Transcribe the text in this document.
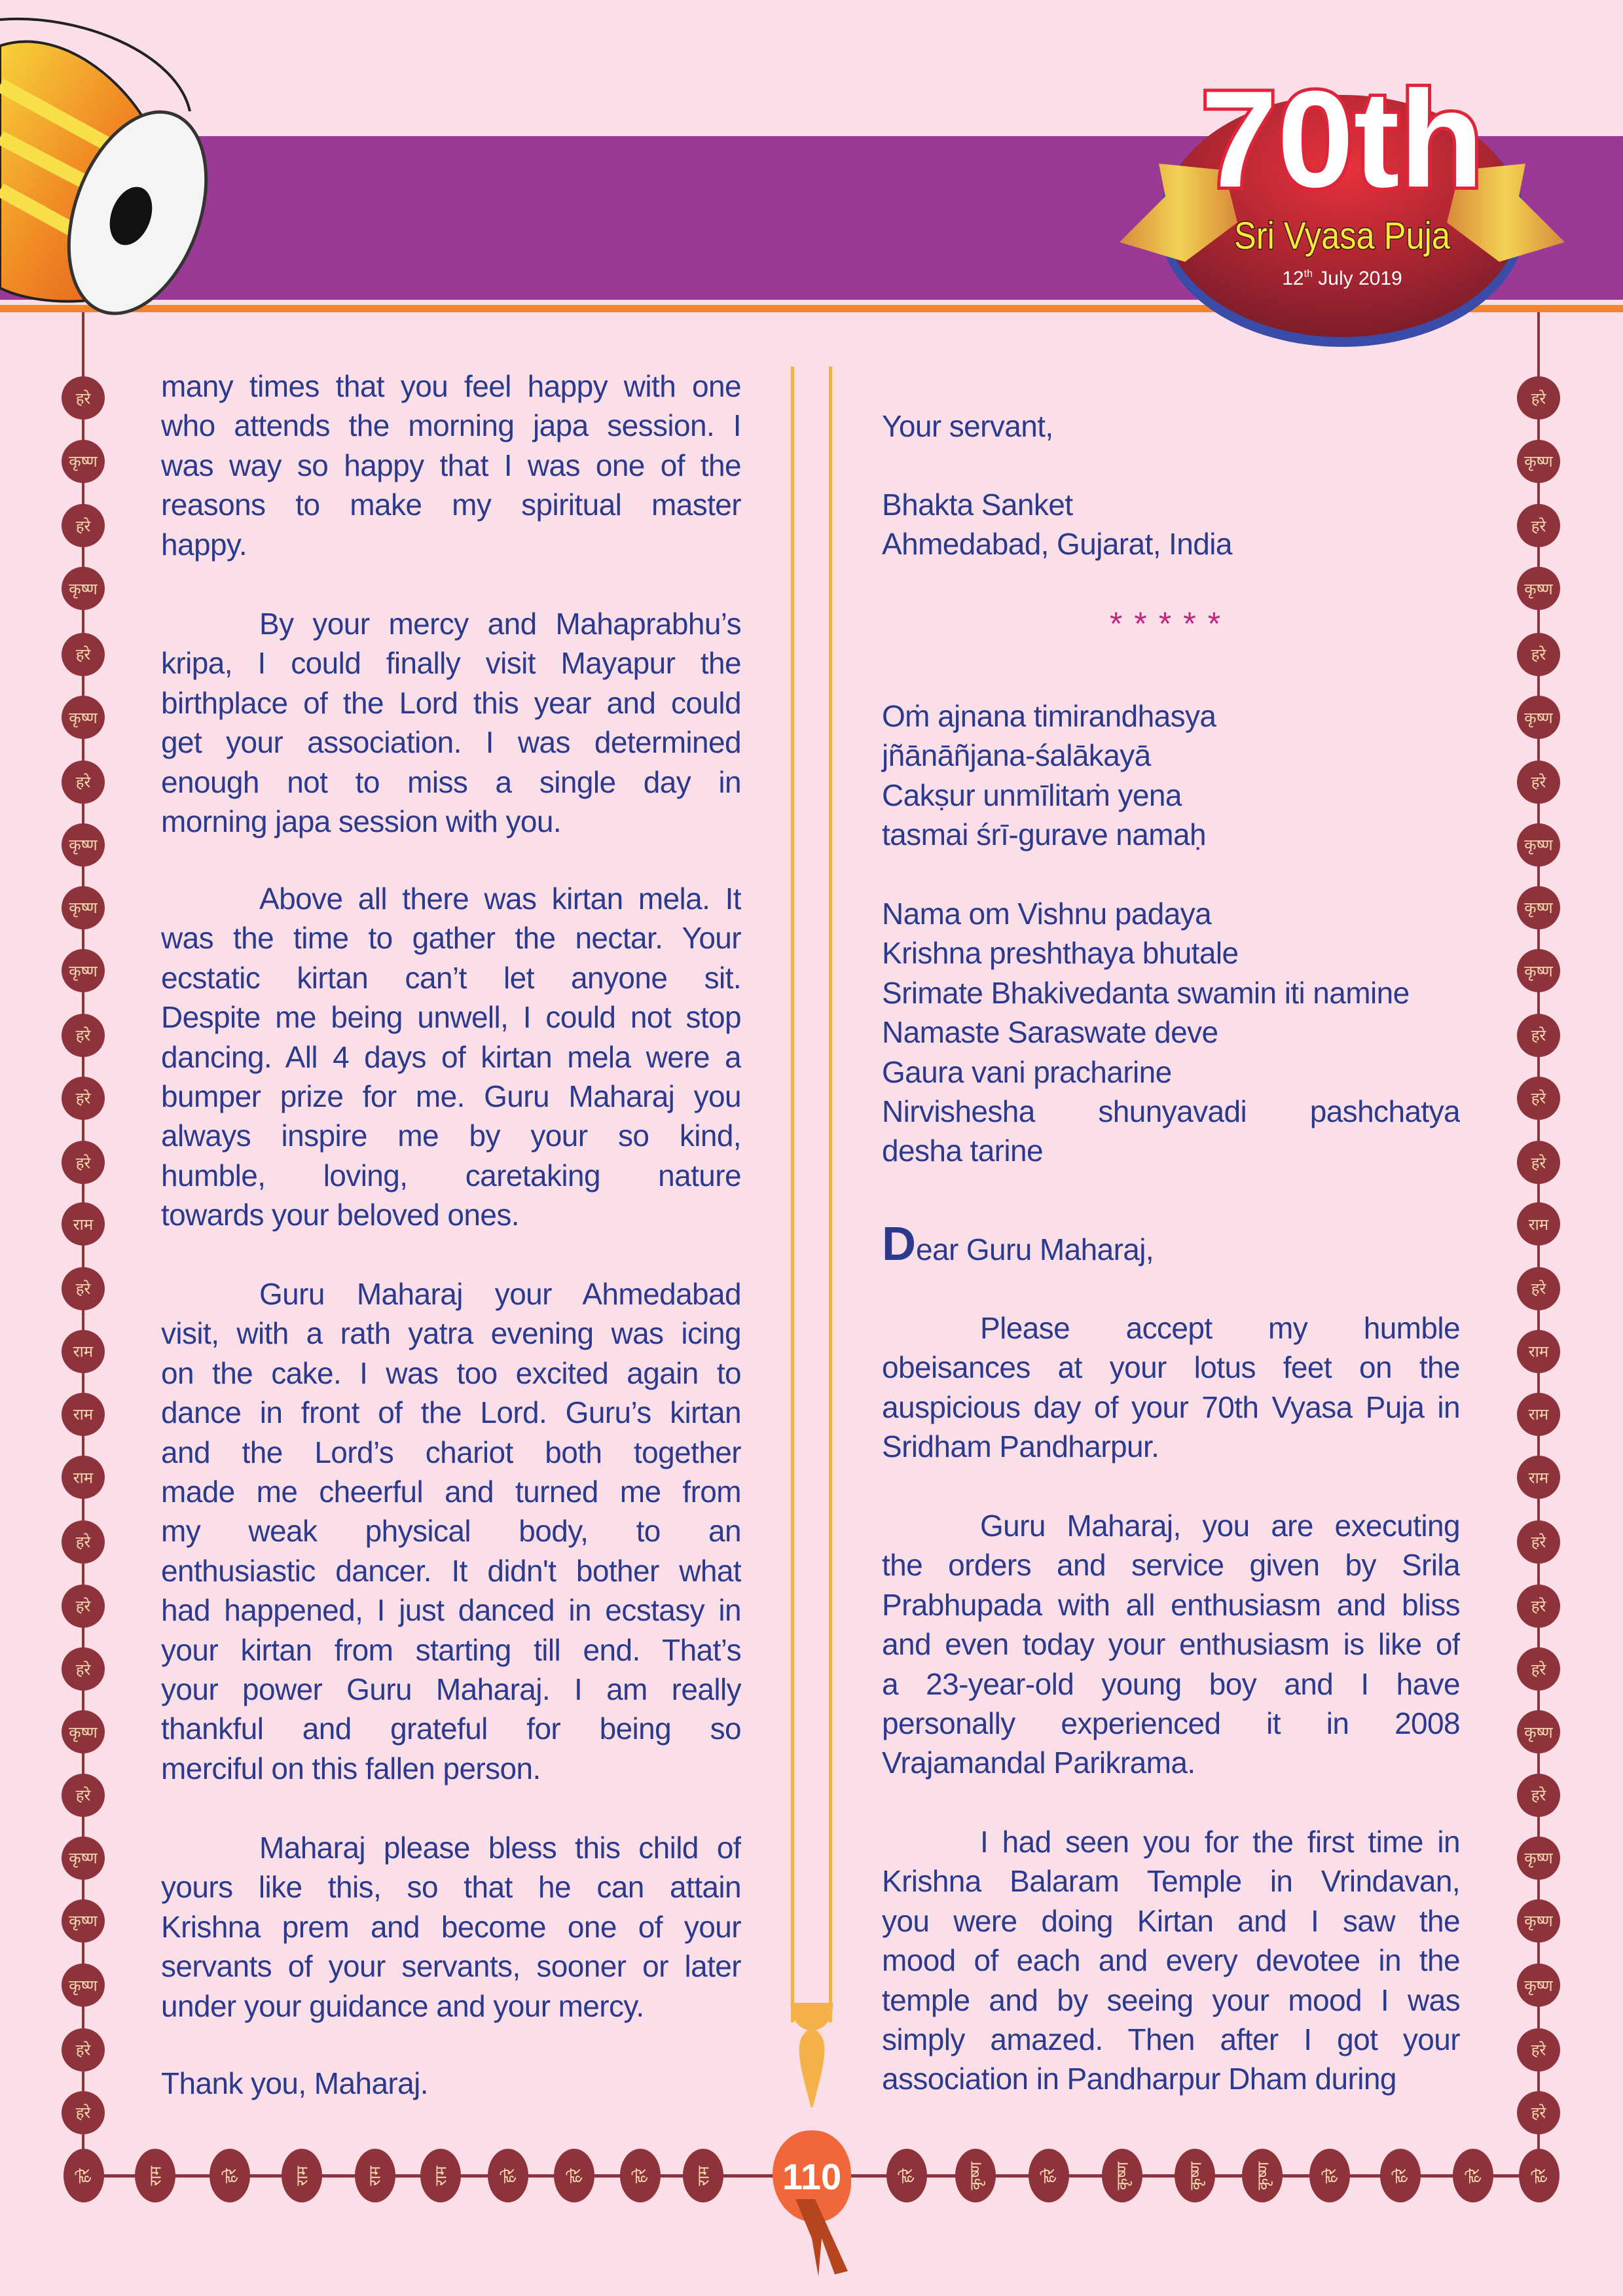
70th
Sri Vyasa Puja
12th July 2019
हरे	हरे
कृष्ण	कृष्ण
हरे	हरे
कृष्ण	कृष्ण
हरे	हरे
कृष्ण	कृष्ण
हरे	हरे
कृष्ण	कृष्ण
कृष्ण	कृष्ण
कृष्ण	कृष्ण
हरे	हरे
हरे	हरे
हरे	हरे
राम	राम
हरे	हरे
राम	राम
राम	राम
राम	राम
हरे	हरे
हरे	हरे
हरे	हरे
कृष्ण	कृष्ण
हरे	हरे
कृष्ण	कृष्ण
कृष्ण	कृष्ण
कृष्ण	कृष्ण
हरे	हरे
हरे	हरे
हरे	राम	हरे	राम	राम	राम	हरे	हरे	हरे	राम	हरे	कृष्ण	हरे	कृष्ण	कृष्ण	कृष्ण	हरे	हरे	हरे	हरे
110
many times that you feel happy with one
who attends the morning japa session. I
was way so happy that I was one of the
reasons to make my spiritual master
happy.
By your mercy and Mahaprabhu’s
kripa, I could finally visit Mayapur the
birthplace of the Lord this year and could
get your association. I was determined
enough not to miss a single day in
morning japa session with you.
Above all there was kirtan mela. It
was the time to gather the nectar. Your
ecstatic kirtan can’t let anyone sit.
Despite me being unwell, I could not stop
dancing. All 4 days of kirtan mela were a
bumper prize for me. Guru Maharaj you
always inspire me by your so kind,
humble, loving, caretaking nature
towards your beloved ones.
Guru Maharaj your Ahmedabad
visit, with a rath yatra evening was icing
on the cake. I was too excited again to
dance in front of the Lord. Guru’s kirtan
and the Lord’s chariot both together
made me cheerful and turned me from
my weak physical body, to an
enthusiastic dancer. It didn't bother what
had happened, I just danced in ecstasy in
your kirtan from starting till end. That’s
your power Guru Maharaj. I am really
thankful and grateful for being so
merciful on this fallen person.
Maharaj please bless this child of
yours like this, so that he can attain
Krishna prem and become one of your
servants of your servants, sooner or later
under your guidance and your mercy.
Thank you, Maharaj.
*****
Dear Guru Maharaj,
Your servant,
Bhakta Sanket
Ahmedabad, Gujarat, India
Oṁ ajnana timirandhasya
jñānāñjana-śalākayā
Cakṣur unmīlitaṁ yena
tasmai śrī-gurave namaḥ
Nama om Vishnu padaya
Krishna preshthaya bhutale
Srimate Bhakivedanta swamin iti namine
Namaste Saraswate deve
Gaura vani pracharine
Nirvishesha shunyavadi pashchatya
desha tarine
Please accept my humble
obeisances at your lotus feet on the
auspicious day of your 70th Vyasa Puja in
Sridham Pandharpur.
Guru Maharaj, you are executing
the orders and service given by Srila
Prabhupada with all enthusiasm and bliss
and even today your enthusiasm is like of
a 23-year-old young boy and I have
personally experienced it in 2008
Vrajamandal Parikrama.
I had seen you for the first time in
Krishna Balaram Temple in Vrindavan,
you were doing Kirtan and I saw the
mood of each and every devotee in the
temple and by seeing your mood I was
simply amazed. Then after I got your
association in Pandharpur Dham during
